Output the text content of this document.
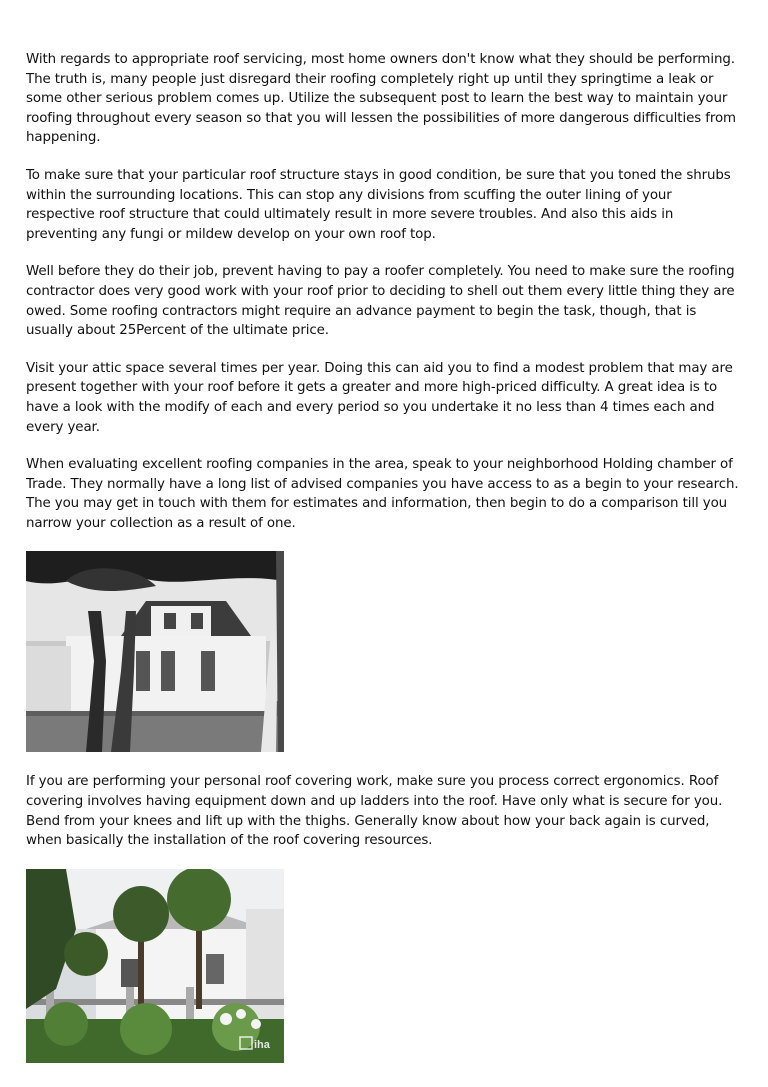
With regards to appropriate roof servicing, most home owners don't know what they should be performing. The truth is, many people just disregard their roofing completely right up until they springtime a leak or some other serious problem comes up. Utilize the subsequent post to learn the best way to maintain your roofing throughout every season so that you will lessen the possibilities of more dangerous difficulties from happening.

To make sure that your particular roof structure stays in good condition, be sure that you toned the shrubs within the surrounding locations. This can stop any divisions from scuffing the outer lining of your respective roof structure that could ultimately result in more severe troubles. And also this aids in preventing any fungi or mildew develop on your own roof top.

Well before they do their job, prevent having to pay a roofer completely. You need to make sure the roofing contractor does very good work with your roof prior to deciding to shell out them every little thing they are owed. Some roofing contractors might require an advance payment to begin the task, though, that is usually about 25Percent of the ultimate price.

Visit your attic space several times per year. Doing this can aid you to find a modest problem that may are present together with your roof before it gets a greater and more high-priced difficulty. A great idea is to have a look with the modify of each and every period so you undertake it no less than 4 times each and every year.

When evaluating excellent roofing companies in the area, speak to your neighborhood Holding chamber of Trade. They normally have a long list of advised companies you have access to as a begin to your research. The you may get in touch with them for estimates and information, then begin to do a comparison till you narrow your collection as a result of one.

If you are performing your personal roof covering work, make sure you process correct ergonomics. Roof covering involves having equipment down and up ladders into the roof. Have only what is secure for you. Bend from your knees and lift up with the thighs. Generally know about how your back again is curved, when basically the installation of the roof covering resources.

iha
